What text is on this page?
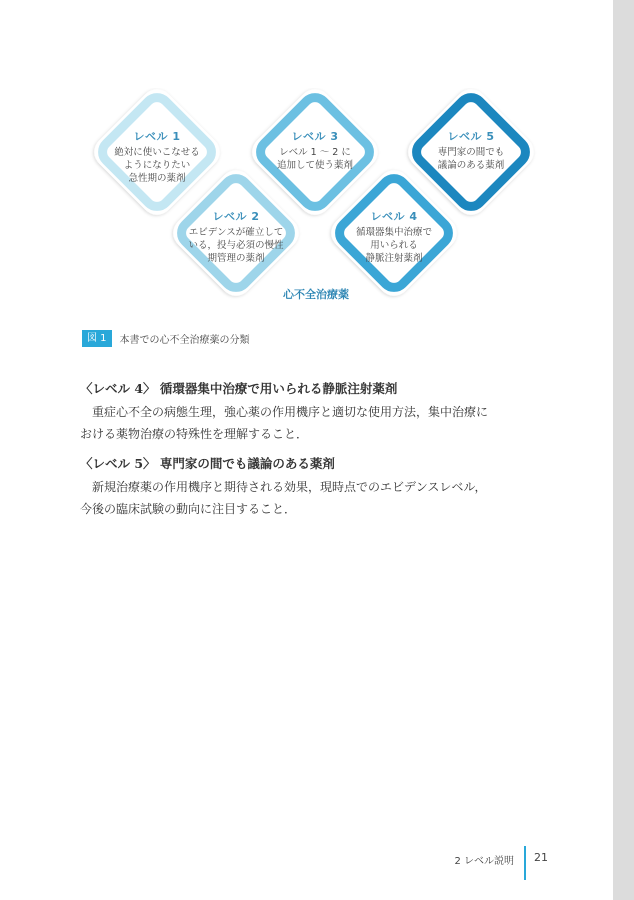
レベル 1
絶対に使いこなせる
ようになりたい
急性期の薬剤
レベル 2
エビデンスが確立して
いる，投与必須の慢性
期管理の薬剤
レベル 3
レベル 1 ～ 2 に
追加して使う薬剤
レベル 4
循環器集中治療で
用いられる
静脈注射薬剤
レベル 5
専門家の間でも
議論のある薬剤
心不全治療薬
図 1	本書での心不全治療薬の分類
〈レベル 4〉 循環器集中治療で用いられる静脈注射薬剤
重症心不全の病態生理，強心薬の作用機序と適切な使用方法，集中治療に
おける薬物治療の特殊性を理解すること．
〈レベル 5〉 専門家の間でも議論のある薬剤
新規治療薬の作用機序と期待される効果，現時点でのエビデンスレベル，
今後の臨床試験の動向に注目すること．
2 レベル説明 21
